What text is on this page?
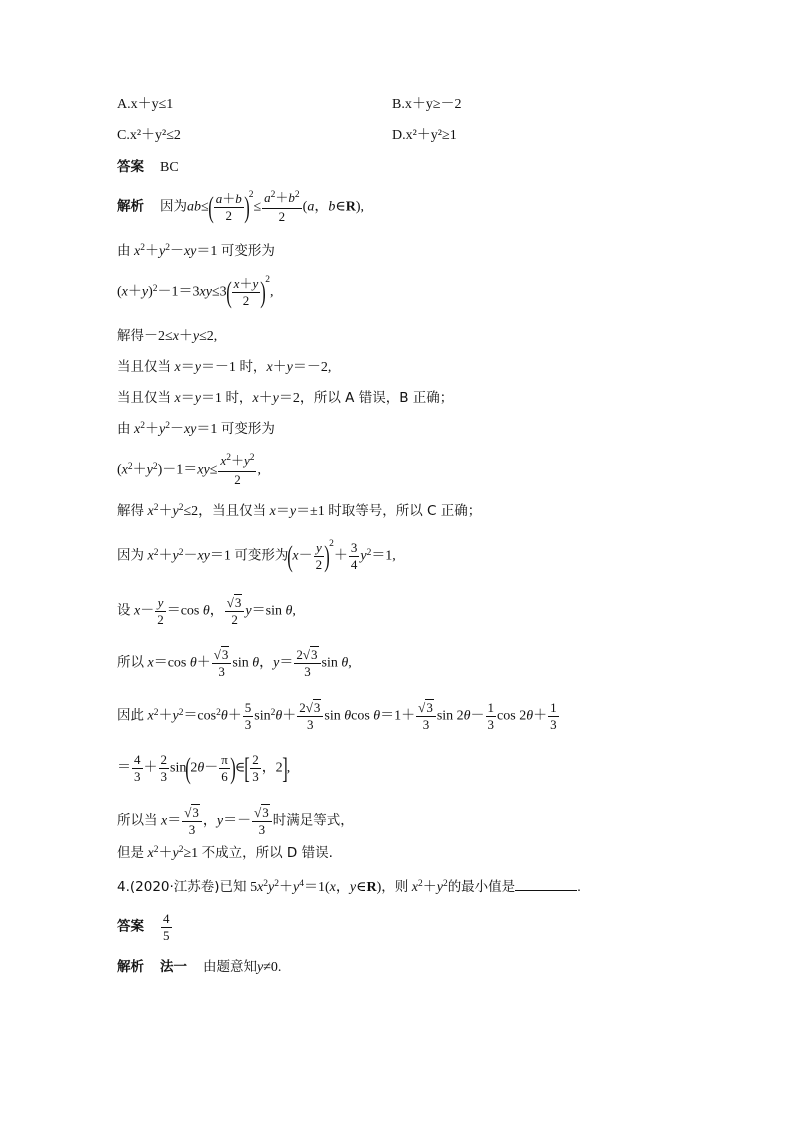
A.x＋y≤1	B.x＋y≥－2
C.x²＋y²≤2	D.x²＋y²≥1
答案 BC
解析 因为$ab\le( \frac{a+b}{2} )^2\le \frac{a^2+b^2}{2} (a$，b∈R),
由 $x^2+y^2-xy=1$ 可变形为
$(x+y)^2-1=3xy\le 3( \frac{x+y}{2} )^2$,
解得－2≤x＋y≤2,
当且仅当 x＝y＝－1 时，x＋y＝－2,
当且仅当 x＝y＝1 时，x＋y＝2，所以 A 错误，B 正确；
由 $x^2+y^2-xy=1$ 可变形为
$(x^2+y^2)-1=xy\le \frac{x^2+y^2}{2}$ ,
解得 $x^2+y^2\le 2$，当且仅当 x＝y＝±1 时取等号，所以 C 正确；
因为 $x^2+y^2-xy=1$ 可变形为$(x- \frac{y}{2} )^2+ \frac{3}{4} y^2=1$,
设 $x- \frac{y}{2} =\cos$ θ， $\frac{√3}{2} y=\sin$ θ,
所以 x＝cos $\theta+ \frac{√3}{3}$ sin θ，$y= \frac{2√3}{3}$ sin θ,
因此 $x^2+y^2=\cos^2\theta+ \frac{5}{3} \sin^2\theta+ \frac{2√3}{3}$ sin θcos $\theta=1+ \frac{√3}{3}$ $\sin 2\theta- \frac{1}{3}$ $\cos 2\theta+ \frac{1}{3}$
＝ $\frac{4}{3} + \frac{2}{3} \sin(2\theta- \frac{\pi}{6}$ )∈[ $\frac{2}{3}$ ，2],
所以当 $x= \frac{√3}{3}$ ，$y=- \frac{√3}{3}$ 时满足等式，
但是 $x^2+y^2\ge 1$ 不成立，所以 D 错误.
4.(2020·江苏卷)已知 $5x^2y^2+y^4=1(x$，y∈R)，则 $x^2+y^2$的最小值是	.
答案 $\frac{4}{5}$
解析 法一 由题意知y≠0.
